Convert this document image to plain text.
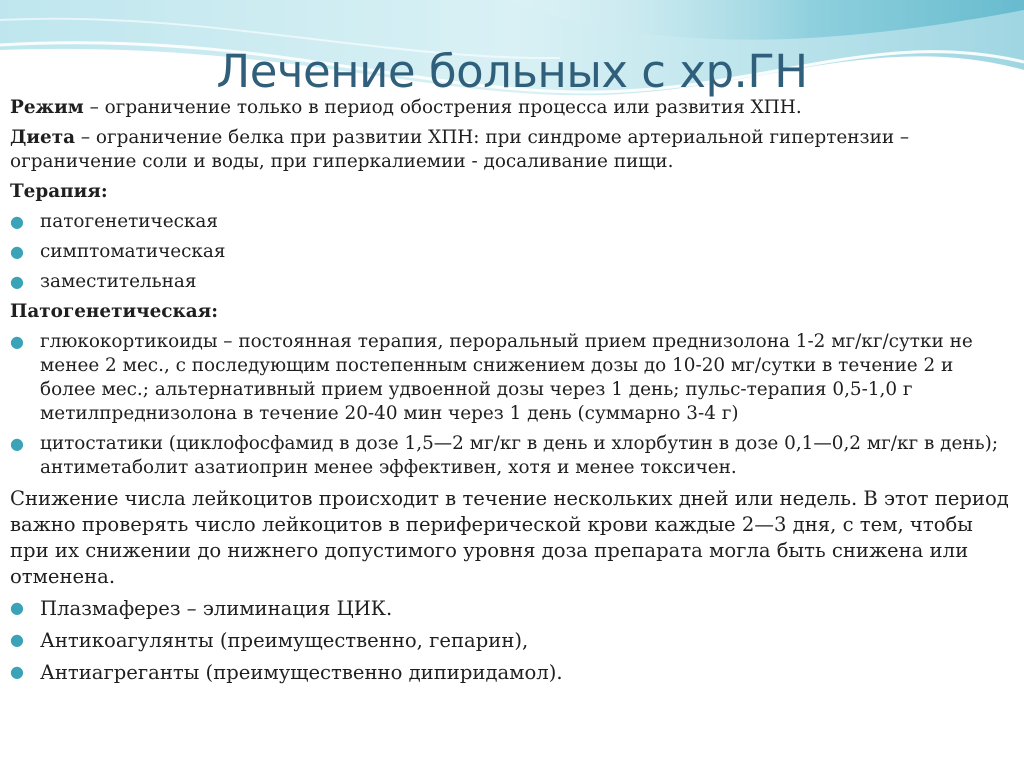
Лечение больных с хр.ГН

Режим – ограничение только в период обострения процесса или развития ХПН.

Диета – ограничение белка при развитии ХПН: при синдроме артериальной гипертензии – ограничение соли и воды, при гиперкалиемии - досаливание пищи.

Терапия:

● патогенетическая
● симптоматическая
● заместительная

Патогенетическая:

● глюкокортикоиды – постоянная терапия, пероральный прием преднизолона 1-2 мг/кг/сутки не менее 2 мес., с последующим постепенным снижением дозы до 10-20 мг/сутки в течение 2 и более мес.; альтернативный прием удвоенной дозы через 1 день; пульс-терапия 0,5-1,0 г метилпреднизолона в течение 20-40 мин через 1 день (суммарно 3-4 г)
● цитостатики (циклофосфамид в дозе 1,5—2 мг/кг в день и хлорбутин в дозе 0,1—0,2 мг/кг в день); антиметаболит азатиоприн менее эффективен, хотя и менее токсичен.

Снижение числа лейкоцитов происходит в течение нескольких дней или недель. В этот период важно проверять число лейкоцитов в периферической крови каждые 2—3 дня, с тем, чтобы при их снижении до нижнего допустимого уровня доза препарата могла быть снижена или отменена.

● Плазмаферез – элиминация ЦИК.
● Антикоагулянты (преимущественно, гепарин),
● Антиагреганты (преимущественно дипиридамол).
